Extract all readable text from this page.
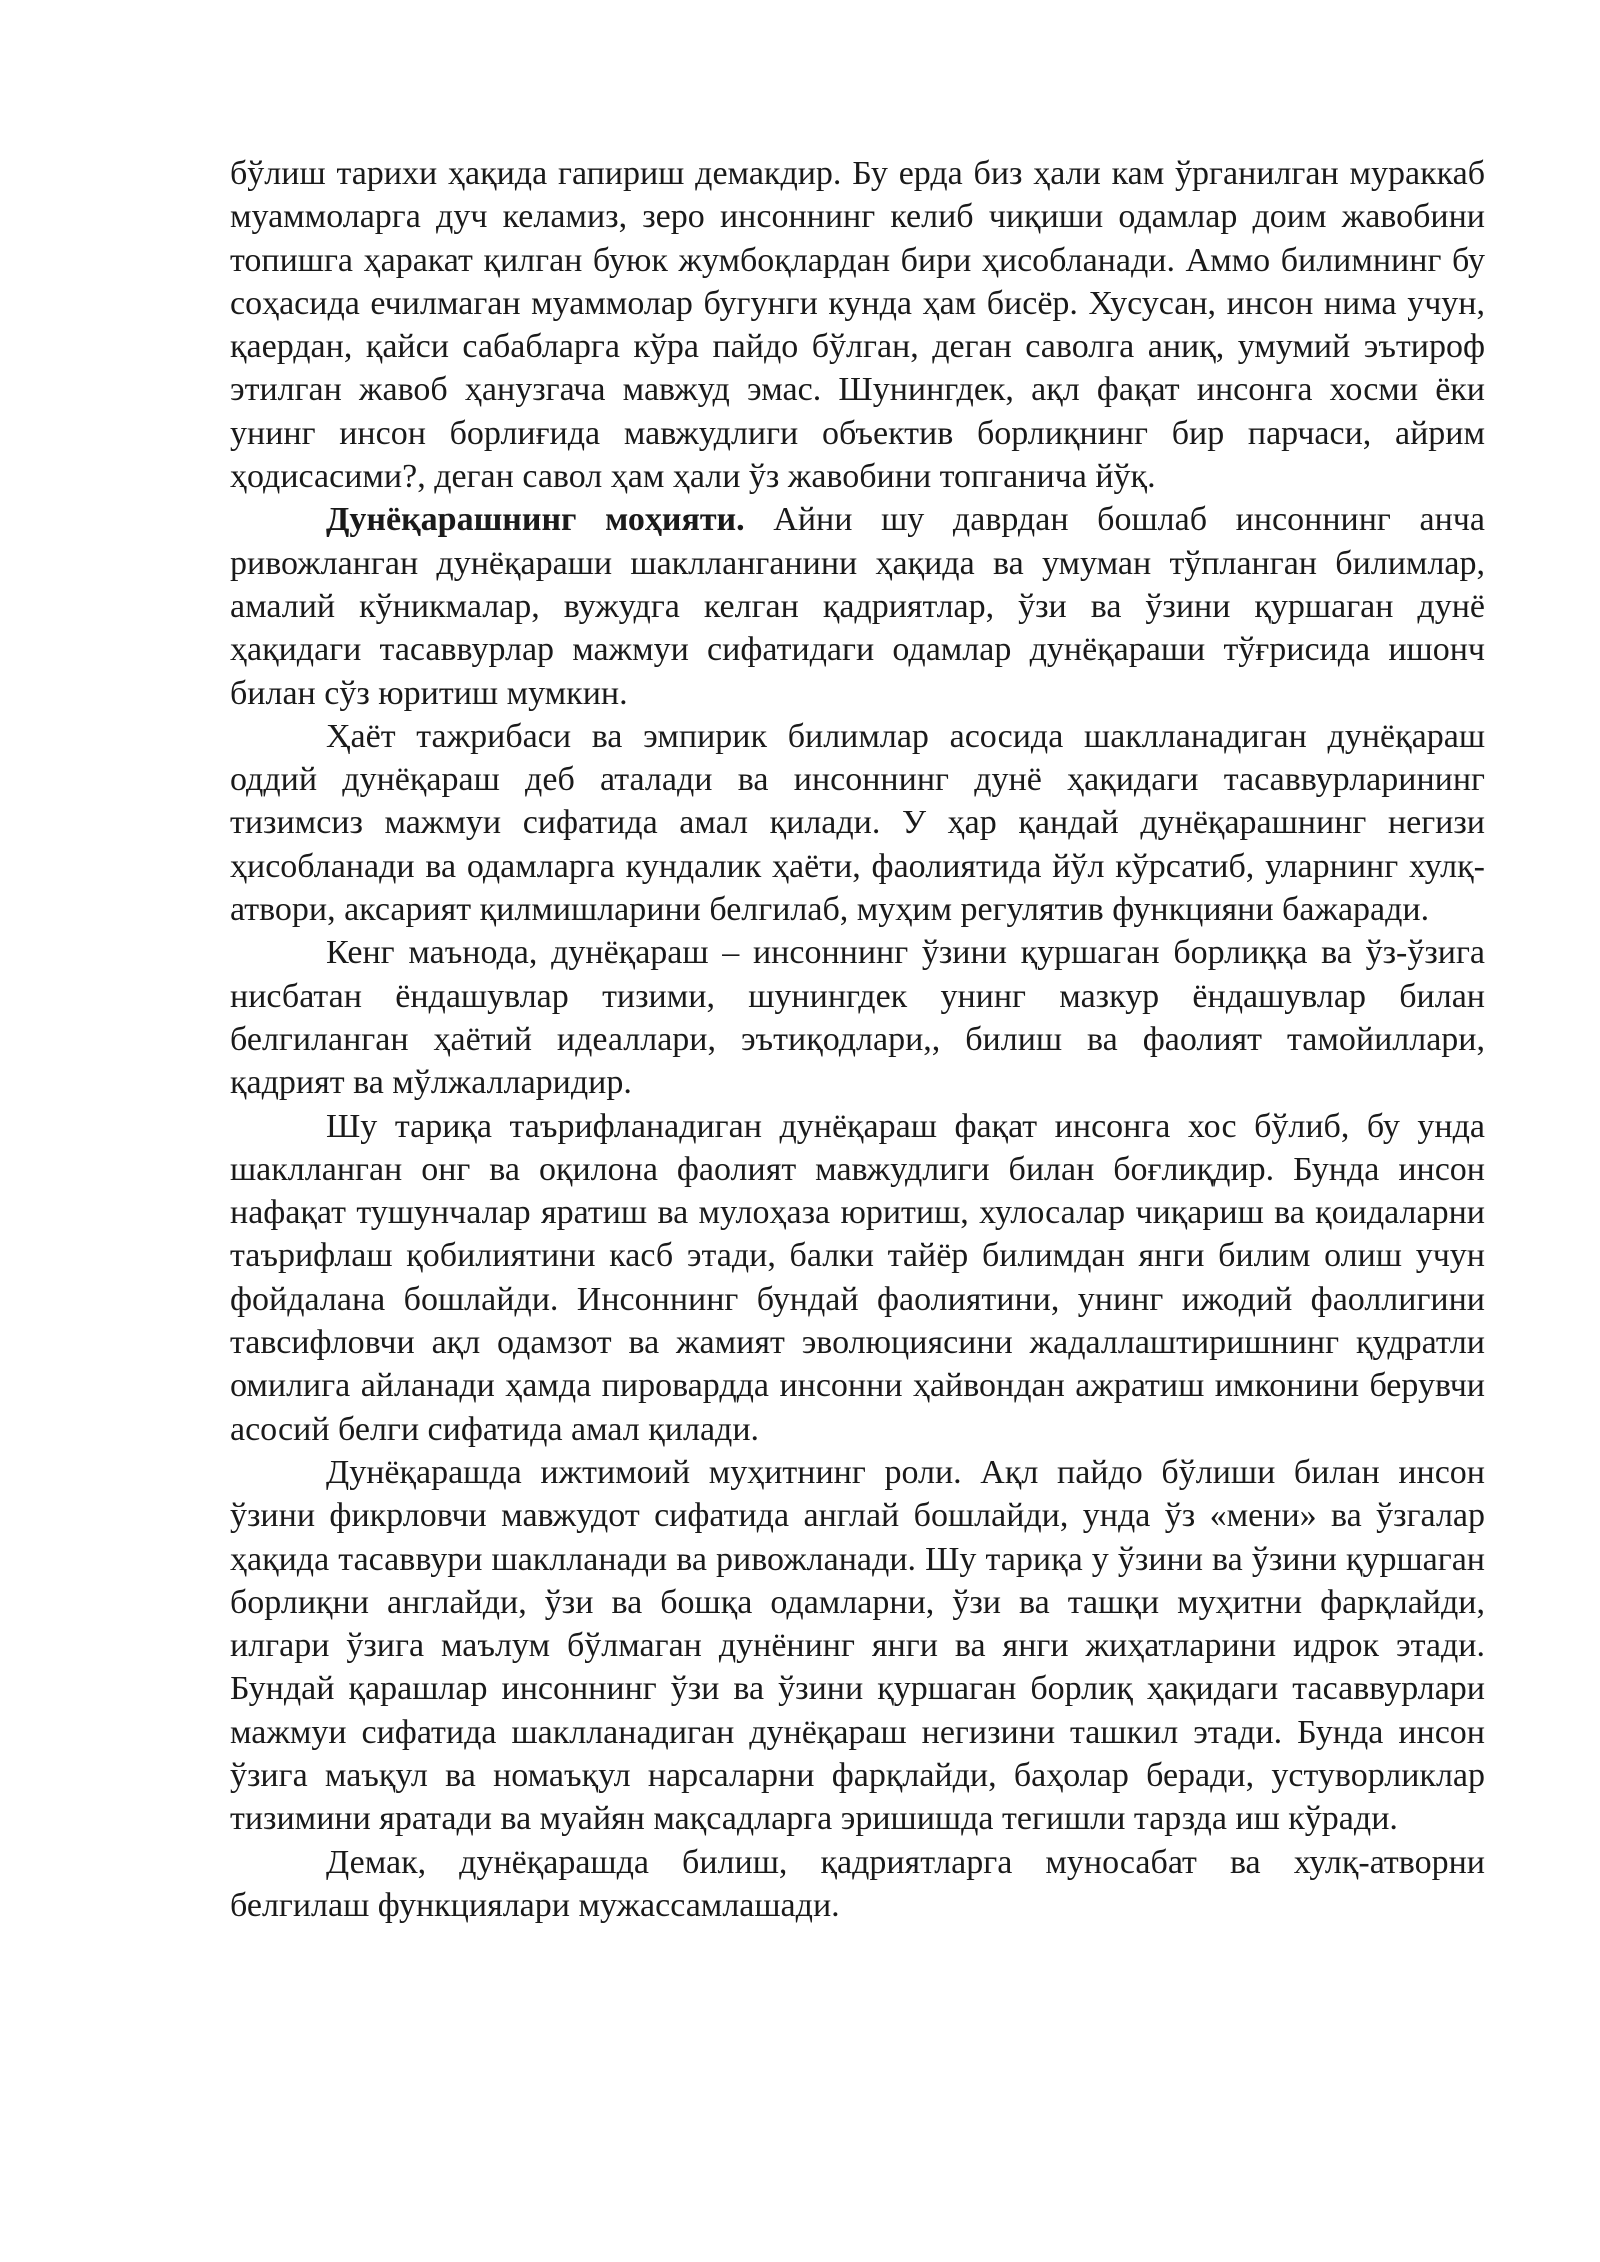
бўлиш тарихи ҳақида гапириш демакдир. Бу ерда биз ҳали кам ўрганилган мураккаб муаммоларга дуч келамиз, зеро инсоннинг келиб чиқиши одамлар доим жавобини топишга ҳаракат қилган буюк жумбоқлардан бири ҳисобланади. Аммо билимнинг бу соҳасида ечилмаган муаммолар бугунги кунда ҳам бисёр. Хусусан, инсон нима учун, қаердан, қайси сабабларга кўра пайдо бўлган, деган саволга аниқ, умумий эътироф этилган жавоб ҳанузгача мавжуд эмас. Шунингдек, ақл фақат инсонга хосми ёки унинг инсон борлиғида мавжудлиги объектив борлиқнинг бир парчаси, айрим ҳодисасими?, деган савол ҳам ҳали ўз жавобини топганича йўқ.

Дунёқарашнинг моҳияти. Айни шу даврдан бошлаб инсоннинг анча ривожланган дунёқараши шаклланганини ҳақида ва умуман тўпланган билимлар, амалий кўникмалар, вужудга келган қадриятлар, ўзи ва ўзини қуршаган дунё ҳақидаги тасаввурлар мажмуи сифатидаги одамлар дунёқараши тўғрисида ишонч билан сўз юритиш мумкин.

Ҳаёт тажрибаси ва эмпирик билимлар асосида шаклланадиган дунёқараш оддий дунёқараш деб аталади ва инсоннинг дунё ҳақидаги тасаввурларининг тизимсиз мажмуи сифатида амал қилади. У ҳар қандай дунёқарашнинг негизи ҳисобланади ва одамларга кундалик ҳаёти, фаолиятида йўл кўрсатиб, уларнинг хулқ-атвори, аксарият қилмишларини белгилаб, муҳим регулятив функцияни бажаради.

Кенг маънода, дунёқараш – инсоннинг ўзини қуршаган борлиққа ва ўз-ўзига нисбатан ёндашувлар тизими, шунингдек унинг мазкур ёндашувлар билан белгиланган ҳаётий идеаллари, эътиқодлари,, билиш ва фаолият тамойиллари, қадрият ва мўлжалларидир.

Шу тариқа таърифланадиган дунёқараш фақат инсонга хос бўлиб, бу унда шаклланган онг ва оқилона фаолият мавжудлиги билан боғлиқдир. Бунда инсон нафақат тушунчалар яратиш ва мулоҳаза юритиш, хулосалар чиқариш ва қоидаларни таърифлаш қобилиятини касб этади, балки тайёр билимдан янги билим олиш учун фойдалана бошлайди. Инсоннинг бундай фаолиятини, унинг ижодий фаоллигини тавсифловчи ақл одамзот ва жамият эволюциясини жадаллаштиришнинг қудратли омилига айланади ҳамда пировардда инсонни ҳайвондан ажратиш имконини берувчи асосий белги сифатида амал қилади.

Дунёқарашда ижтимоий муҳитнинг роли. Ақл пайдо бўлиши билан инсон ўзини фикрловчи мавжудот сифатида англай бошлайди, унда ўз «мени» ва ўзгалар ҳақида тасаввури шаклланади ва ривожланади. Шу тариқа у ўзини ва ўзини қуршаган борлиқни англайди, ўзи ва бошқа одамларни, ўзи ва ташқи муҳитни фарқлайди, илгари ўзига маълум бўлмаган дунёнинг янги ва янги жиҳатларини идрок этади. Бундай қарашлар инсоннинг ўзи ва ўзини қуршаган борлиқ ҳақидаги тасаввурлари мажмуи сифатида шаклланадиган дунёқараш негизини ташкил этади. Бунда инсон ўзига маъқул ва номаъқул нарсаларни фарқлайди, баҳолар беради, устуворликлар тизимини яратади ва муайян мақсадларга эришишда тегишли тарзда иш кўради.

Демак, дунёқарашда билиш, қадриятларга муносабат ва хулқ-атворни белгилаш функциялари мужассамлашади.
